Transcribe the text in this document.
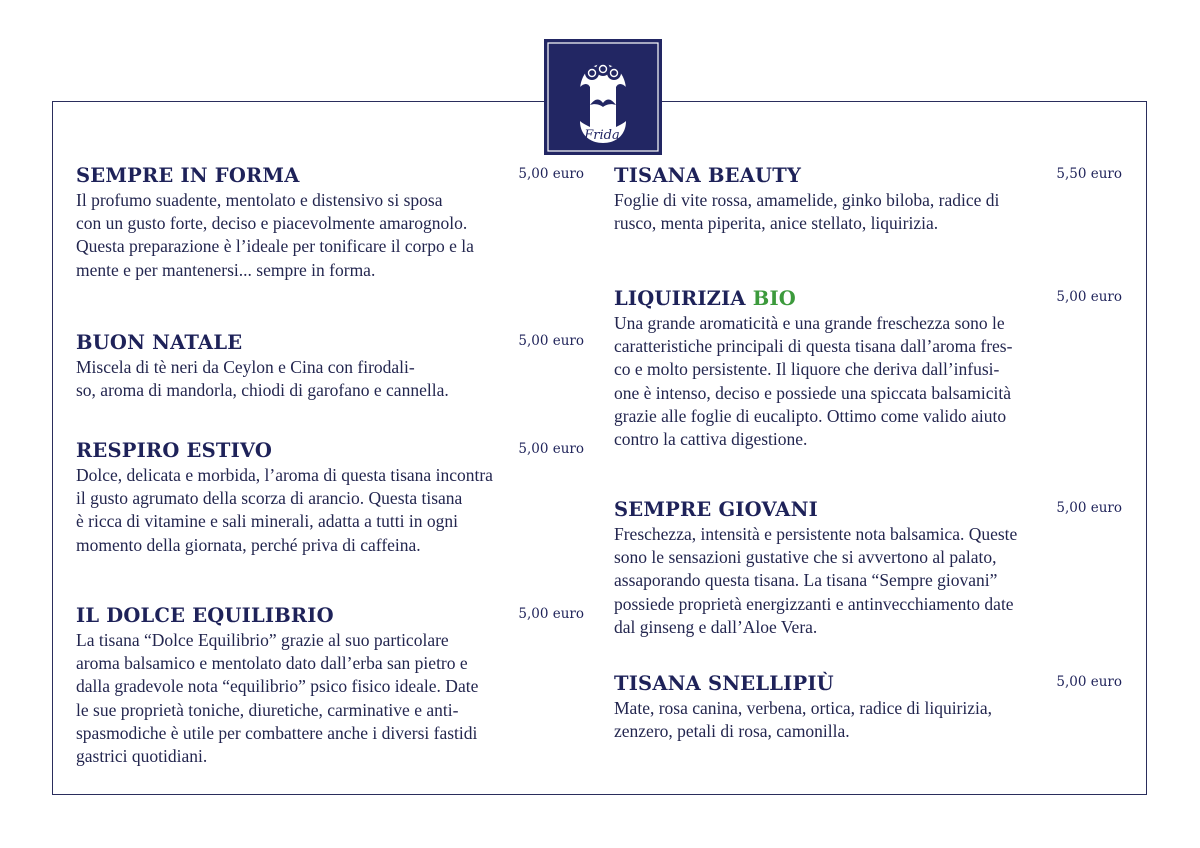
Frida
SEMPRE IN FORMA	5,00 euro
Il profumo suadente, mentolato e distensivo si sposa
con un gusto forte, deciso e piacevolmente amarognolo.
Questa preparazione è l’ideale per tonificare il corpo e la
mente e per mantenersi... sempre in forma.
BUON NATALE	5,00 euro
Miscela di tè neri da Ceylon e Cina con firodali-
so, aroma di mandorla, chiodi di garofano e cannella.
RESPIRO ESTIVO	5,00 euro
Dolce, delicata e morbida, l’aroma di questa tisana incontra
il gusto agrumato della scorza di arancio. Questa tisana
è ricca di vitamine e sali minerali, adatta a tutti in ogni
momento della giornata, perché priva di caffeina.
IL DOLCE EQUILIBRIO	5,00 euro
La tisana “Dolce Equilibrio” grazie al suo particolare
aroma balsamico e mentolato dato dall’erba san pietro e
dalla gradevole nota “equilibrio” psico fisico ideale. Date
le sue proprietà toniche, diuretiche, carminative e anti-
spasmodiche è utile per combattere anche i diversi fastidi
gastrici quotidiani.
TISANA BEAUTY	5,50 euro
Foglie di vite rossa, amamelide, ginko biloba, radice di
rusco, menta piperita, anice stellato, liquirizia.
LIQUIRIZIA BIO	5,00 euro
Una grande aromaticità e una grande freschezza sono le
caratteristiche principali di questa tisana dall’aroma fres-
co e molto persistente. Il liquore che deriva dall’infusi-
one è intenso, deciso e possiede una spiccata balsamicità
grazie alle foglie di eucalipto. Ottimo come valido aiuto
contro la cattiva digestione.
SEMPRE GIOVANI	5,00 euro
Freschezza, intensità e persistente nota balsamica. Queste
sono le sensazioni gustative che si avvertono al palato,
assaporando questa tisana. La tisana “Sempre giovani”
possiede proprietà energizzanti e antinvecchiamento date
dal ginseng e dall’Aloe Vera.
TISANA SNELLIPIÙ	5,00 euro
Mate, rosa canina, verbena, ortica, radice di liquirizia,
zenzero, petali di rosa, camonilla.
